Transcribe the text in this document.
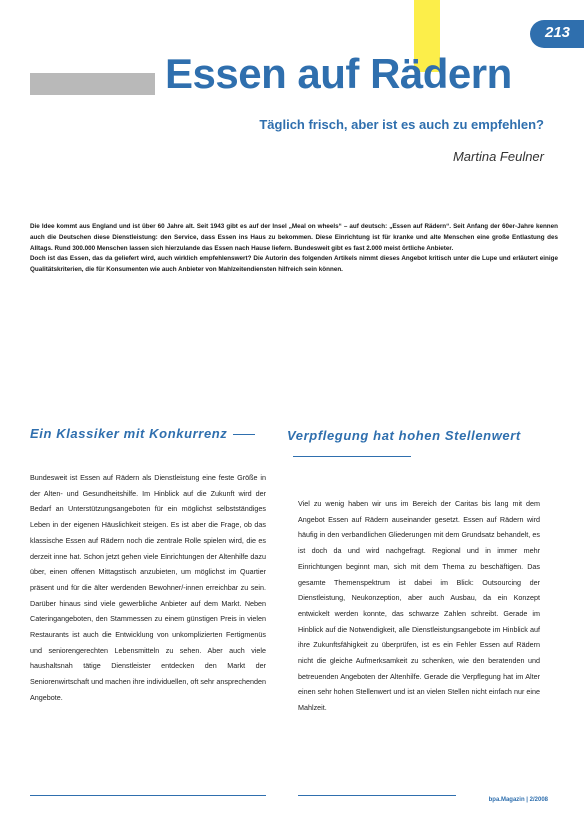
213
Essen auf Rädern
Täglich frisch, aber ist es auch zu empfehlen?
Martina Feulner

Die Idee kommt aus England und ist über 60 Jahre alt. Seit 1943 gibt es auf der Insel „Meal on wheels“ – auf deutsch: „Essen auf Rädern“. Seit Anfang der 60er-Jahre kennen auch die Deutschen diese Dienstleistung: den Service, dass Essen ins Haus zu bekommen. Diese Einrichtung ist für kranke und alte Menschen eine große Entlastung des Alltags. Rund 300.000 Menschen lassen sich hierzulande das Essen nach Hause liefern. Bundesweit gibt es fast 2.000 meist örtliche Anbieter.

Doch ist das Essen, das da geliefert wird, auch wirklich empfehlenswert? Die Autorin des folgenden Artikels nimmt dieses Angebot kritisch unter die Lupe und erläutert einige Qualitätskriterien, die für Konsumenten wie auch Anbieter von Mahlzeitendiensten hilfreich sein können.

Ein Klassiker mit Konkurrenz	Verpflegung hat hohen Stellenwert

Bundesweit ist Essen auf Rädern als Dienstleistung eine feste Größe in der Alten- und Gesundheitshilfe. Im Hinblick auf die Zukunft wird der Bedarf an Unterstützungsangeboten für ein möglichst selbstständiges Leben in der eigenen Häuslichkeit steigen. Es ist aber die Frage, ob das klassische Essen auf Rädern noch die zentrale Rolle spielen wird, die es derzeit inne hat. Schon jetzt gehen viele Einrichtungen der Altenhilfe dazu über, einen offenen Mittagstisch anzubieten, um möglichst im Quartier präsent und für die älter werdenden Bewohner/-innen erreichbar zu sein. Darüber hinaus sind viele gewerbliche Anbieter auf dem Markt. Neben Cateringangeboten, den Stammessen zu einem günstigen Preis in vielen Restaurants ist auch die Entwicklung von unkomplizierten Fertigmenüs und seniorengerechten Lebensmitteln zu sehen. Aber auch viele haushaltsnah tätige Dienstleister entdecken den Markt der Seniorenwirtschaft und machen ihre individuellen, oft sehr ansprechenden Angebote.

Viel zu wenig haben wir uns im Bereich der Caritas bis lang mit dem Angebot Essen auf Rädern auseinander gesetzt. Essen auf Rädern wird häufig in den verbandlichen Gliederungen mit dem Grundsatz behandelt, es ist doch da und wird nachgefragt. Regional und in immer mehr Einrichtungen beginnt man, sich mit dem Thema zu beschäftigen. Das gesamte Themenspektrum ist dabei im Blick: Outsourcing der Dienstleistung, Neukonzeption, aber auch Ausbau, da ein Konzept entwickelt werden konnte, das schwarze Zahlen schreibt. Gerade im Hinblick auf die Notwendigkeit, alle Dienstleistungsangebote im Hinblick auf ihre Zukunftsfähigkeit zu überprüfen, ist es ein Fehler Essen auf Rädern nicht die gleiche Aufmerksamkeit zu schenken, wie den beratenden und betreuenden Angeboten der Altenhilfe. Gerade die Verpflegung hat im Alter einen sehr hohen Stellenwert und ist an vielen Stellen nicht einfach nur eine Mahlzeit.

bpa.Magazin | 2/2008
